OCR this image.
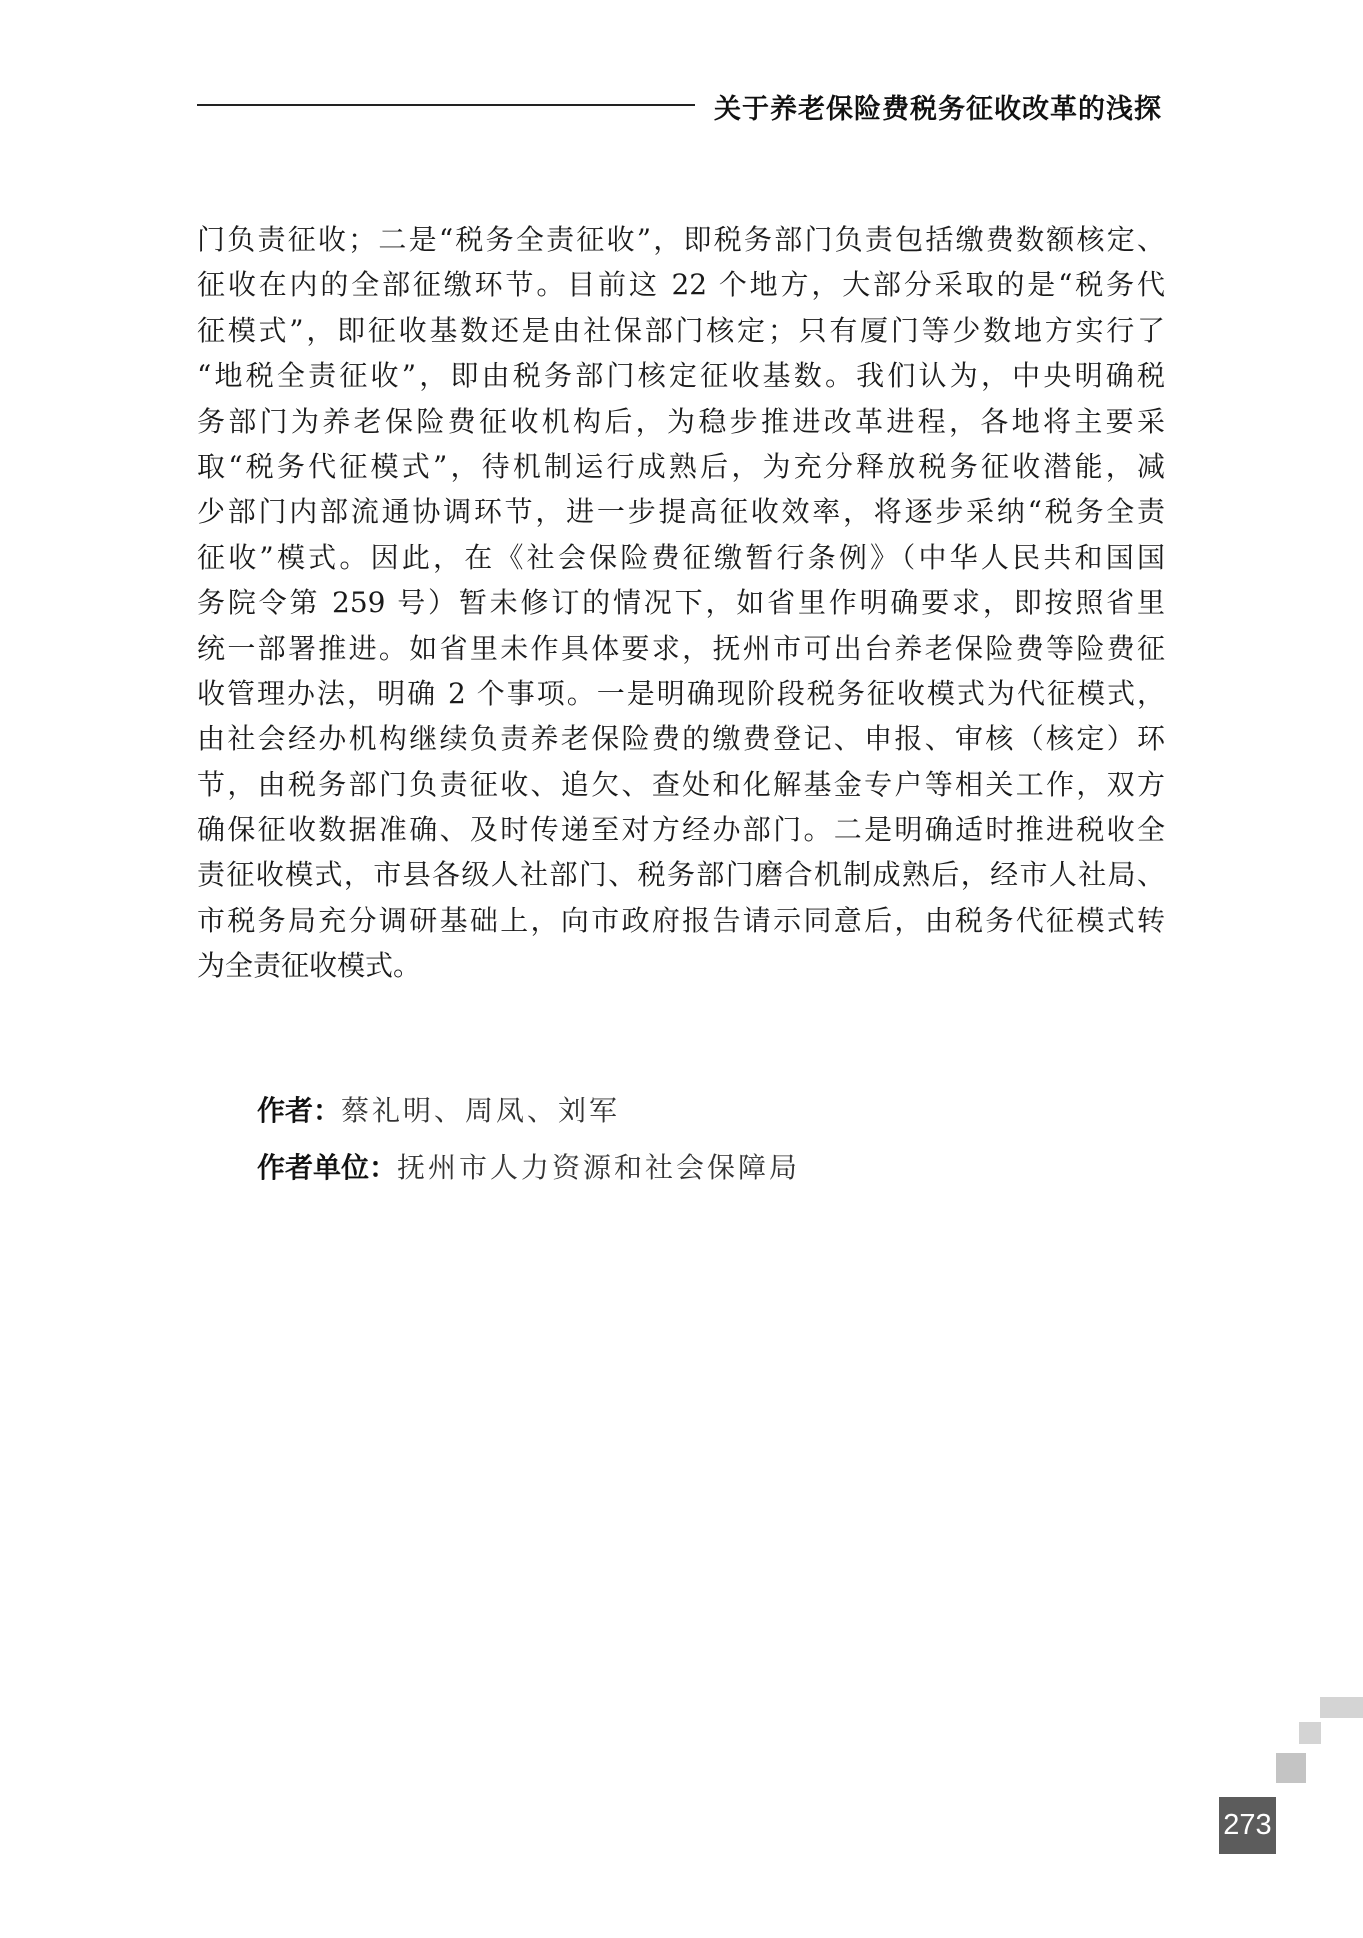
关于养老保险费税务征收改革的浅探
门负责征收；二是“税务全责征收”，即税务部门负责包括缴费数额核定、
征收在内的全部征缴环节。目前这 22 个地方，大部分采取的是“税务代
征模式”，即征收基数还是由社保部门核定；只有厦门等少数地方实行了
“地税全责征收”，即由税务部门核定征收基数。我们认为，中央明确税
务部门为养老保险费征收机构后，为稳步推进改革进程，各地将主要采
取“税务代征模式”，待机制运行成熟后，为充分释放税务征收潜能，减
少部门内部流通协调环节，进一步提高征收效率，将逐步采纳“税务全责
征收”模式。因此，在《社会保险费征缴暂行条例》（中华人民共和国国
务院令第 259 号）暂未修订的情况下，如省里作明确要求，即按照省里
统一部署推进。如省里未作具体要求，抚州市可出台养老保险费等险费征
收管理办法，明确 2 个事项。一是明确现阶段税务征收模式为代征模式，
由社会经办机构继续负责养老保险费的缴费登记、申报、审核（核定）环
节，由税务部门负责征收、追欠、查处和化解基金专户等相关工作，双方
确保征收数据准确、及时传递至对方经办部门。二是明确适时推进税收全
责征收模式，市县各级人社部门、税务部门磨合机制成熟后，经市人社局、
市税务局充分调研基础上，向市政府报告请示同意后，由税务代征模式转
为全责征收模式。
作者： 蔡礼明、周凤、刘军
作者单位： 抚州市人力资源和社会保障局
273
